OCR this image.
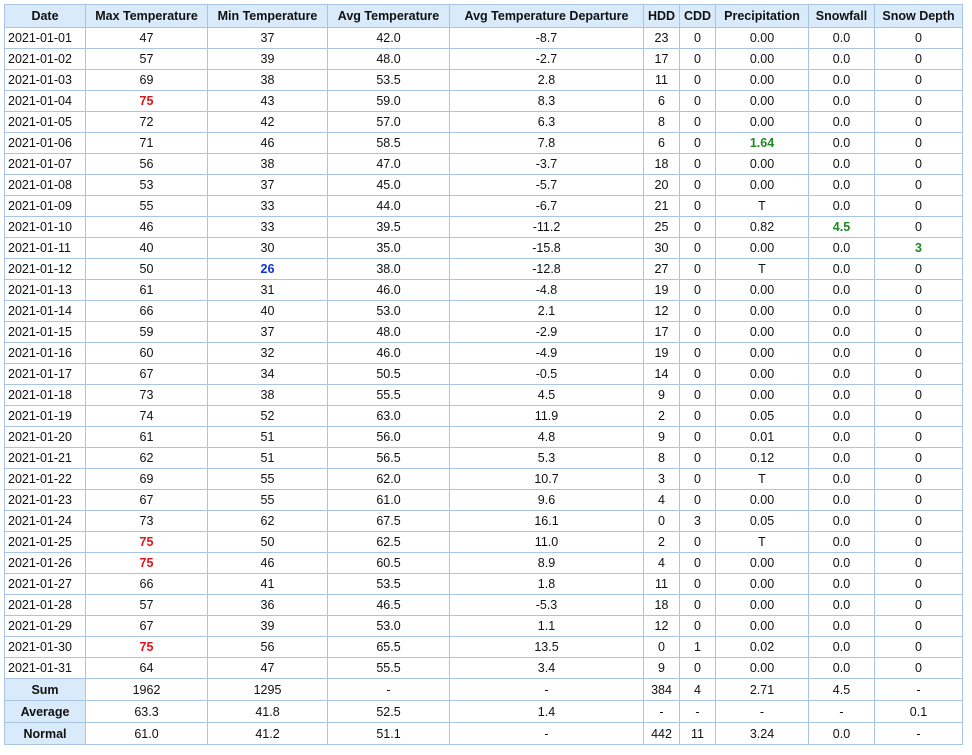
Date	Max Temperature	Min Temperature	Avg Temperature	Avg Temperature Departure	HDD	CDD	Precipitation	Snowfall	Snow Depth
2021-01-01	47	37	42.0	-8.7	23	0	0.00	0.0	0
2021-01-02	57	39	48.0	-2.7	17	0	0.00	0.0	0
2021-01-03	69	38	53.5	2.8	11	0	0.00	0.0	0
2021-01-04	75	43	59.0	8.3	6	0	0.00	0.0	0
2021-01-05	72	42	57.0	6.3	8	0	0.00	0.0	0
2021-01-06	71	46	58.5	7.8	6	0	1.64	0.0	0
2021-01-07	56	38	47.0	-3.7	18	0	0.00	0.0	0
2021-01-08	53	37	45.0	-5.7	20	0	0.00	0.0	0
2021-01-09	55	33	44.0	-6.7	21	0	T	0.0	0
2021-01-10	46	33	39.5	-11.2	25	0	0.82	4.5	0
2021-01-11	40	30	35.0	-15.8	30	0	0.00	0.0	3
2021-01-12	50	26	38.0	-12.8	27	0	T	0.0	0
2021-01-13	61	31	46.0	-4.8	19	0	0.00	0.0	0
2021-01-14	66	40	53.0	2.1	12	0	0.00	0.0	0
2021-01-15	59	37	48.0	-2.9	17	0	0.00	0.0	0
2021-01-16	60	32	46.0	-4.9	19	0	0.00	0.0	0
2021-01-17	67	34	50.5	-0.5	14	0	0.00	0.0	0
2021-01-18	73	38	55.5	4.5	9	0	0.00	0.0	0
2021-01-19	74	52	63.0	11.9	2	0	0.05	0.0	0
2021-01-20	61	51	56.0	4.8	9	0	0.01	0.0	0
2021-01-21	62	51	56.5	5.3	8	0	0.12	0.0	0
2021-01-22	69	55	62.0	10.7	3	0	T	0.0	0
2021-01-23	67	55	61.0	9.6	4	0	0.00	0.0	0
2021-01-24	73	62	67.5	16.1	0	3	0.05	0.0	0
2021-01-25	75	50	62.5	11.0	2	0	T	0.0	0
2021-01-26	75	46	60.5	8.9	4	0	0.00	0.0	0
2021-01-27	66	41	53.5	1.8	11	0	0.00	0.0	0
2021-01-28	57	36	46.5	-5.3	18	0	0.00	0.0	0
2021-01-29	67	39	53.0	1.1	12	0	0.00	0.0	0
2021-01-30	75	56	65.5	13.5	0	1	0.02	0.0	0
2021-01-31	64	47	55.5	3.4	9	0	0.00	0.0	0
Sum	1962	1295	-	-	384	4	2.71	4.5	-
Average	63.3	41.8	52.5	1.4	-	-	-	-	0.1
Normal	61.0	41.2	51.1	-	442	11	3.24	0.0	-
